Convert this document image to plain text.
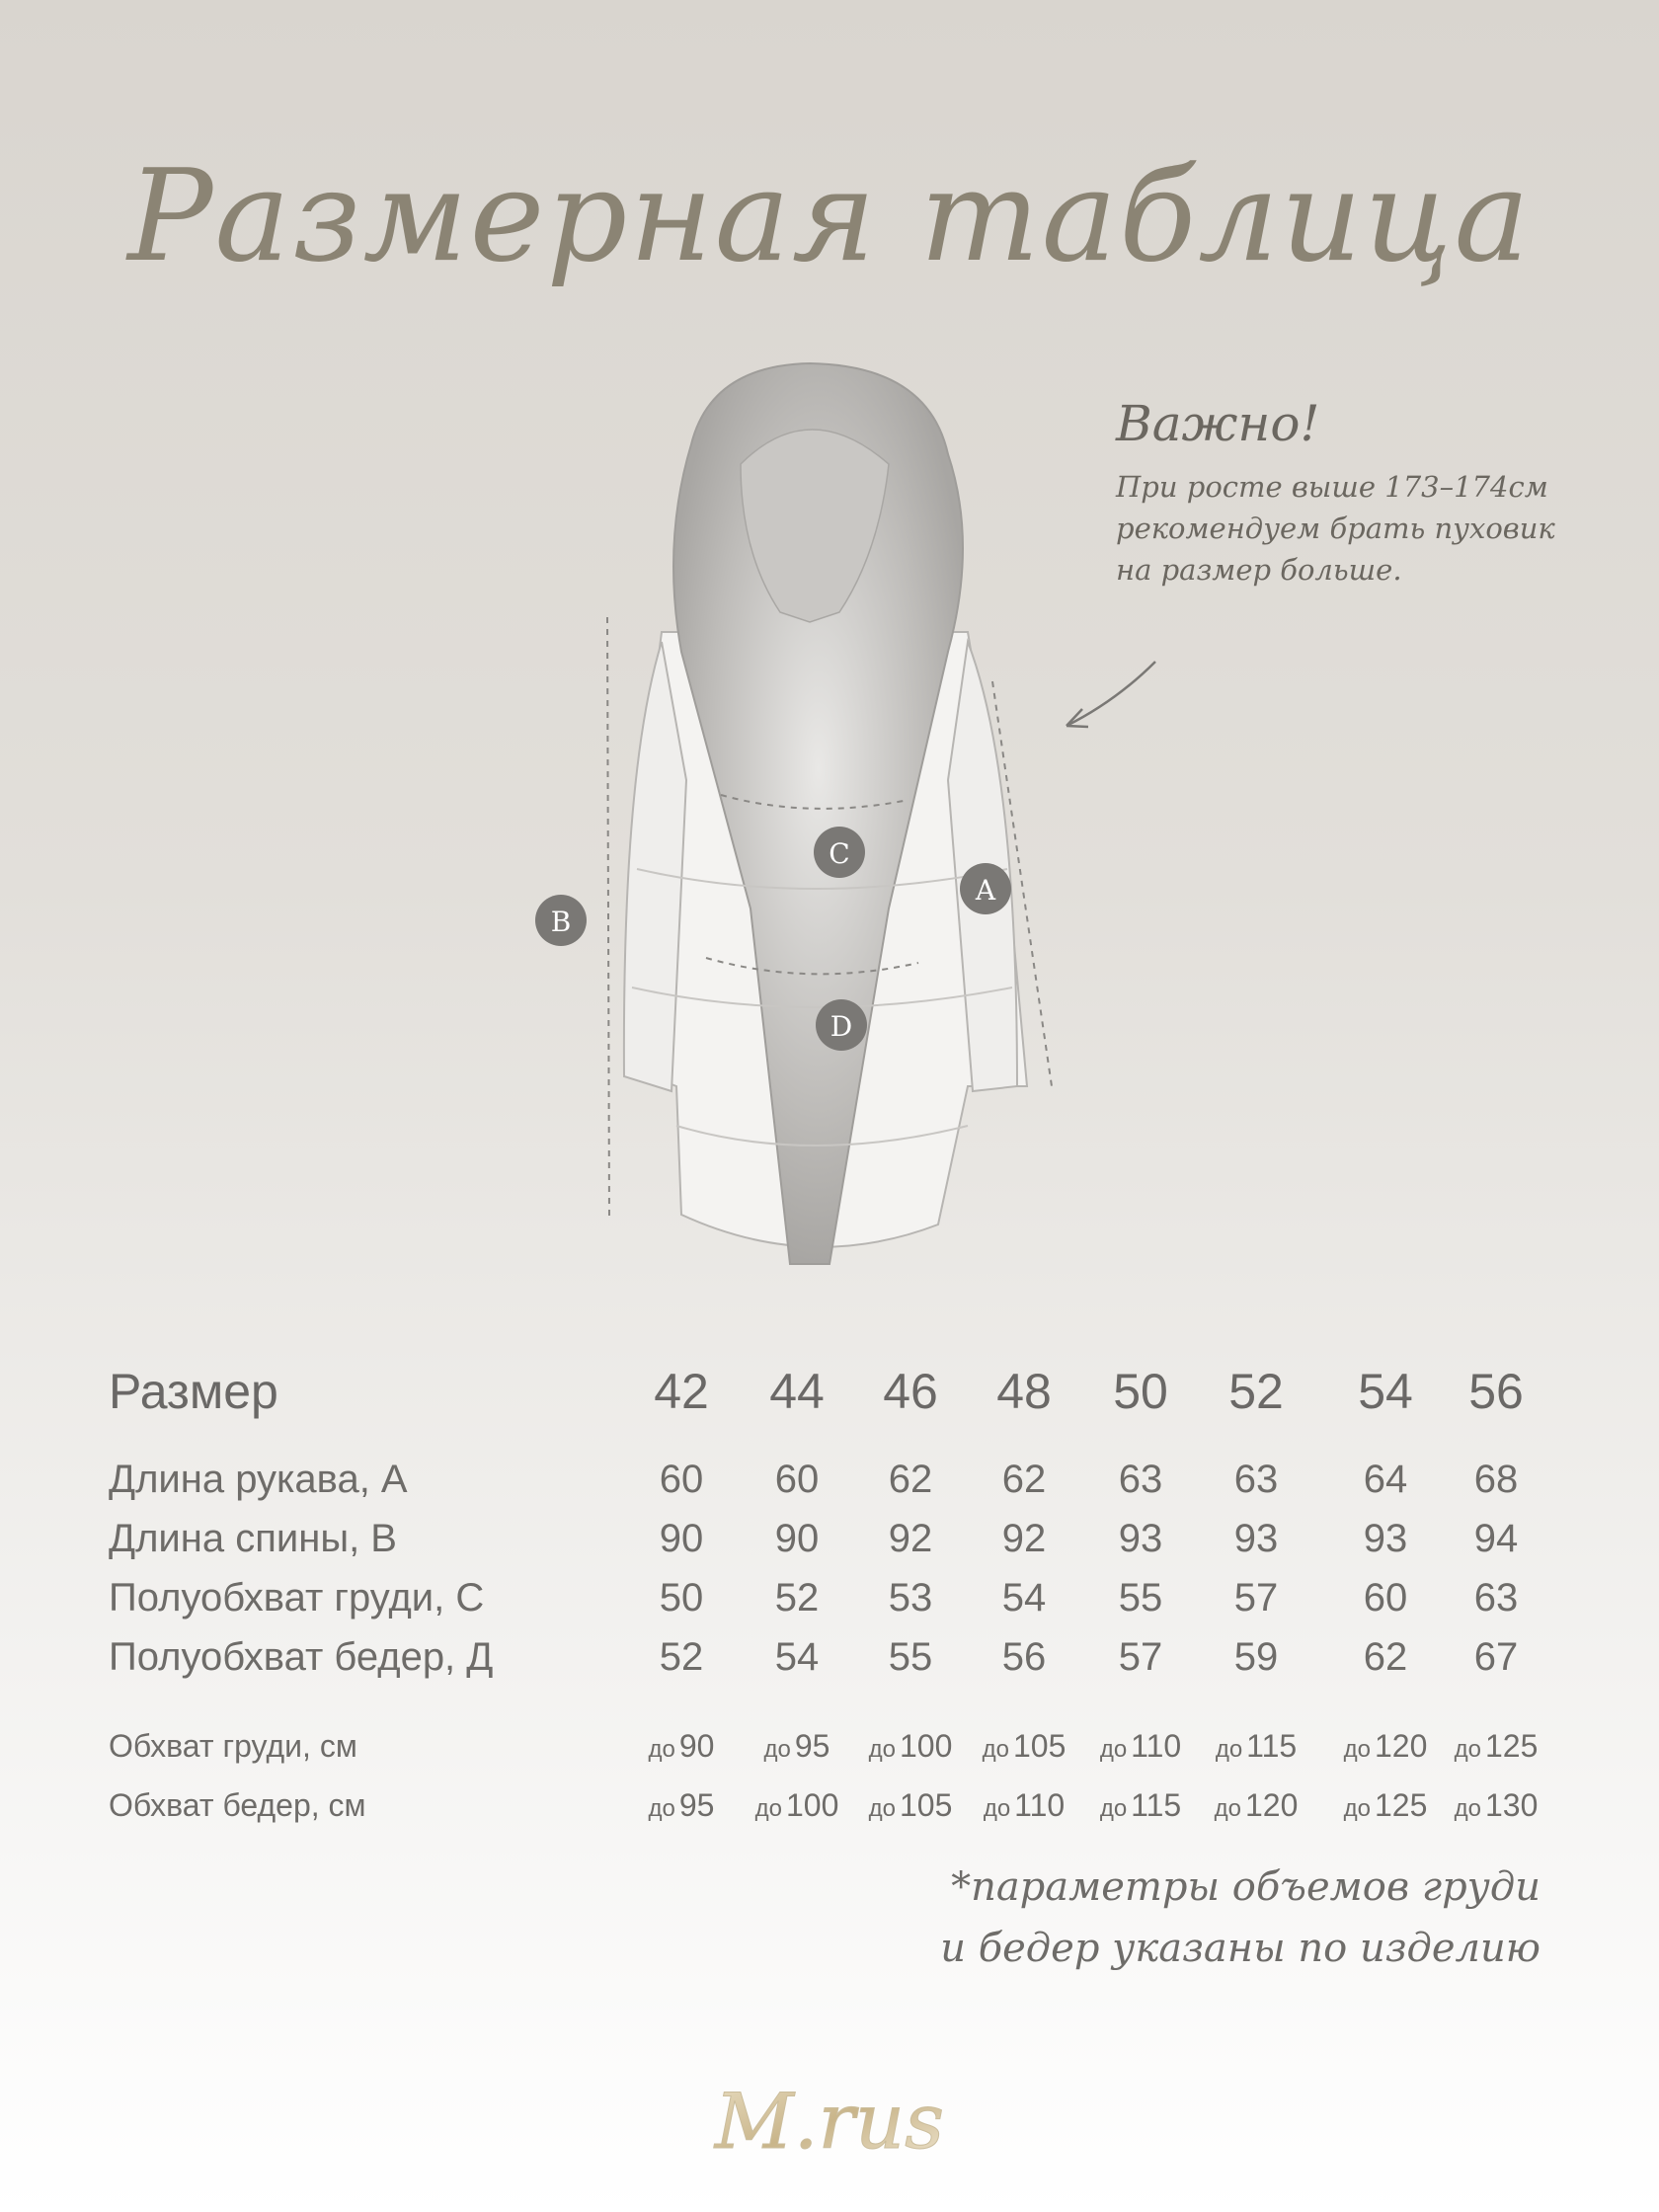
Размерная таблица
B
C
A
D
Важно!
При росте выше 173–174см
рекомендуем брать пуховик
на размер больше.
Размер	42	44	46	48	50	52	54	56
Длина рукава, А	60	60	62	62	63	63	64	68
Длина спины, В	90	90	92	92	93	93	93	94
Полуобхват груди, С	50	52	53	54	55	57	60	63
Полуобхват бедер, Д	52	54	55	56	57	59	62	67
Обхват груди, см	до 90	до 95	до 100	до 105	до 110	до 115	до 120	до 125
Обхват бедер, см	до 95	до 100	до 105	до 110	до 115	до 120	до 125	до 130
*параметры объемов груди
и бедер указаны по изделию
M.rus
